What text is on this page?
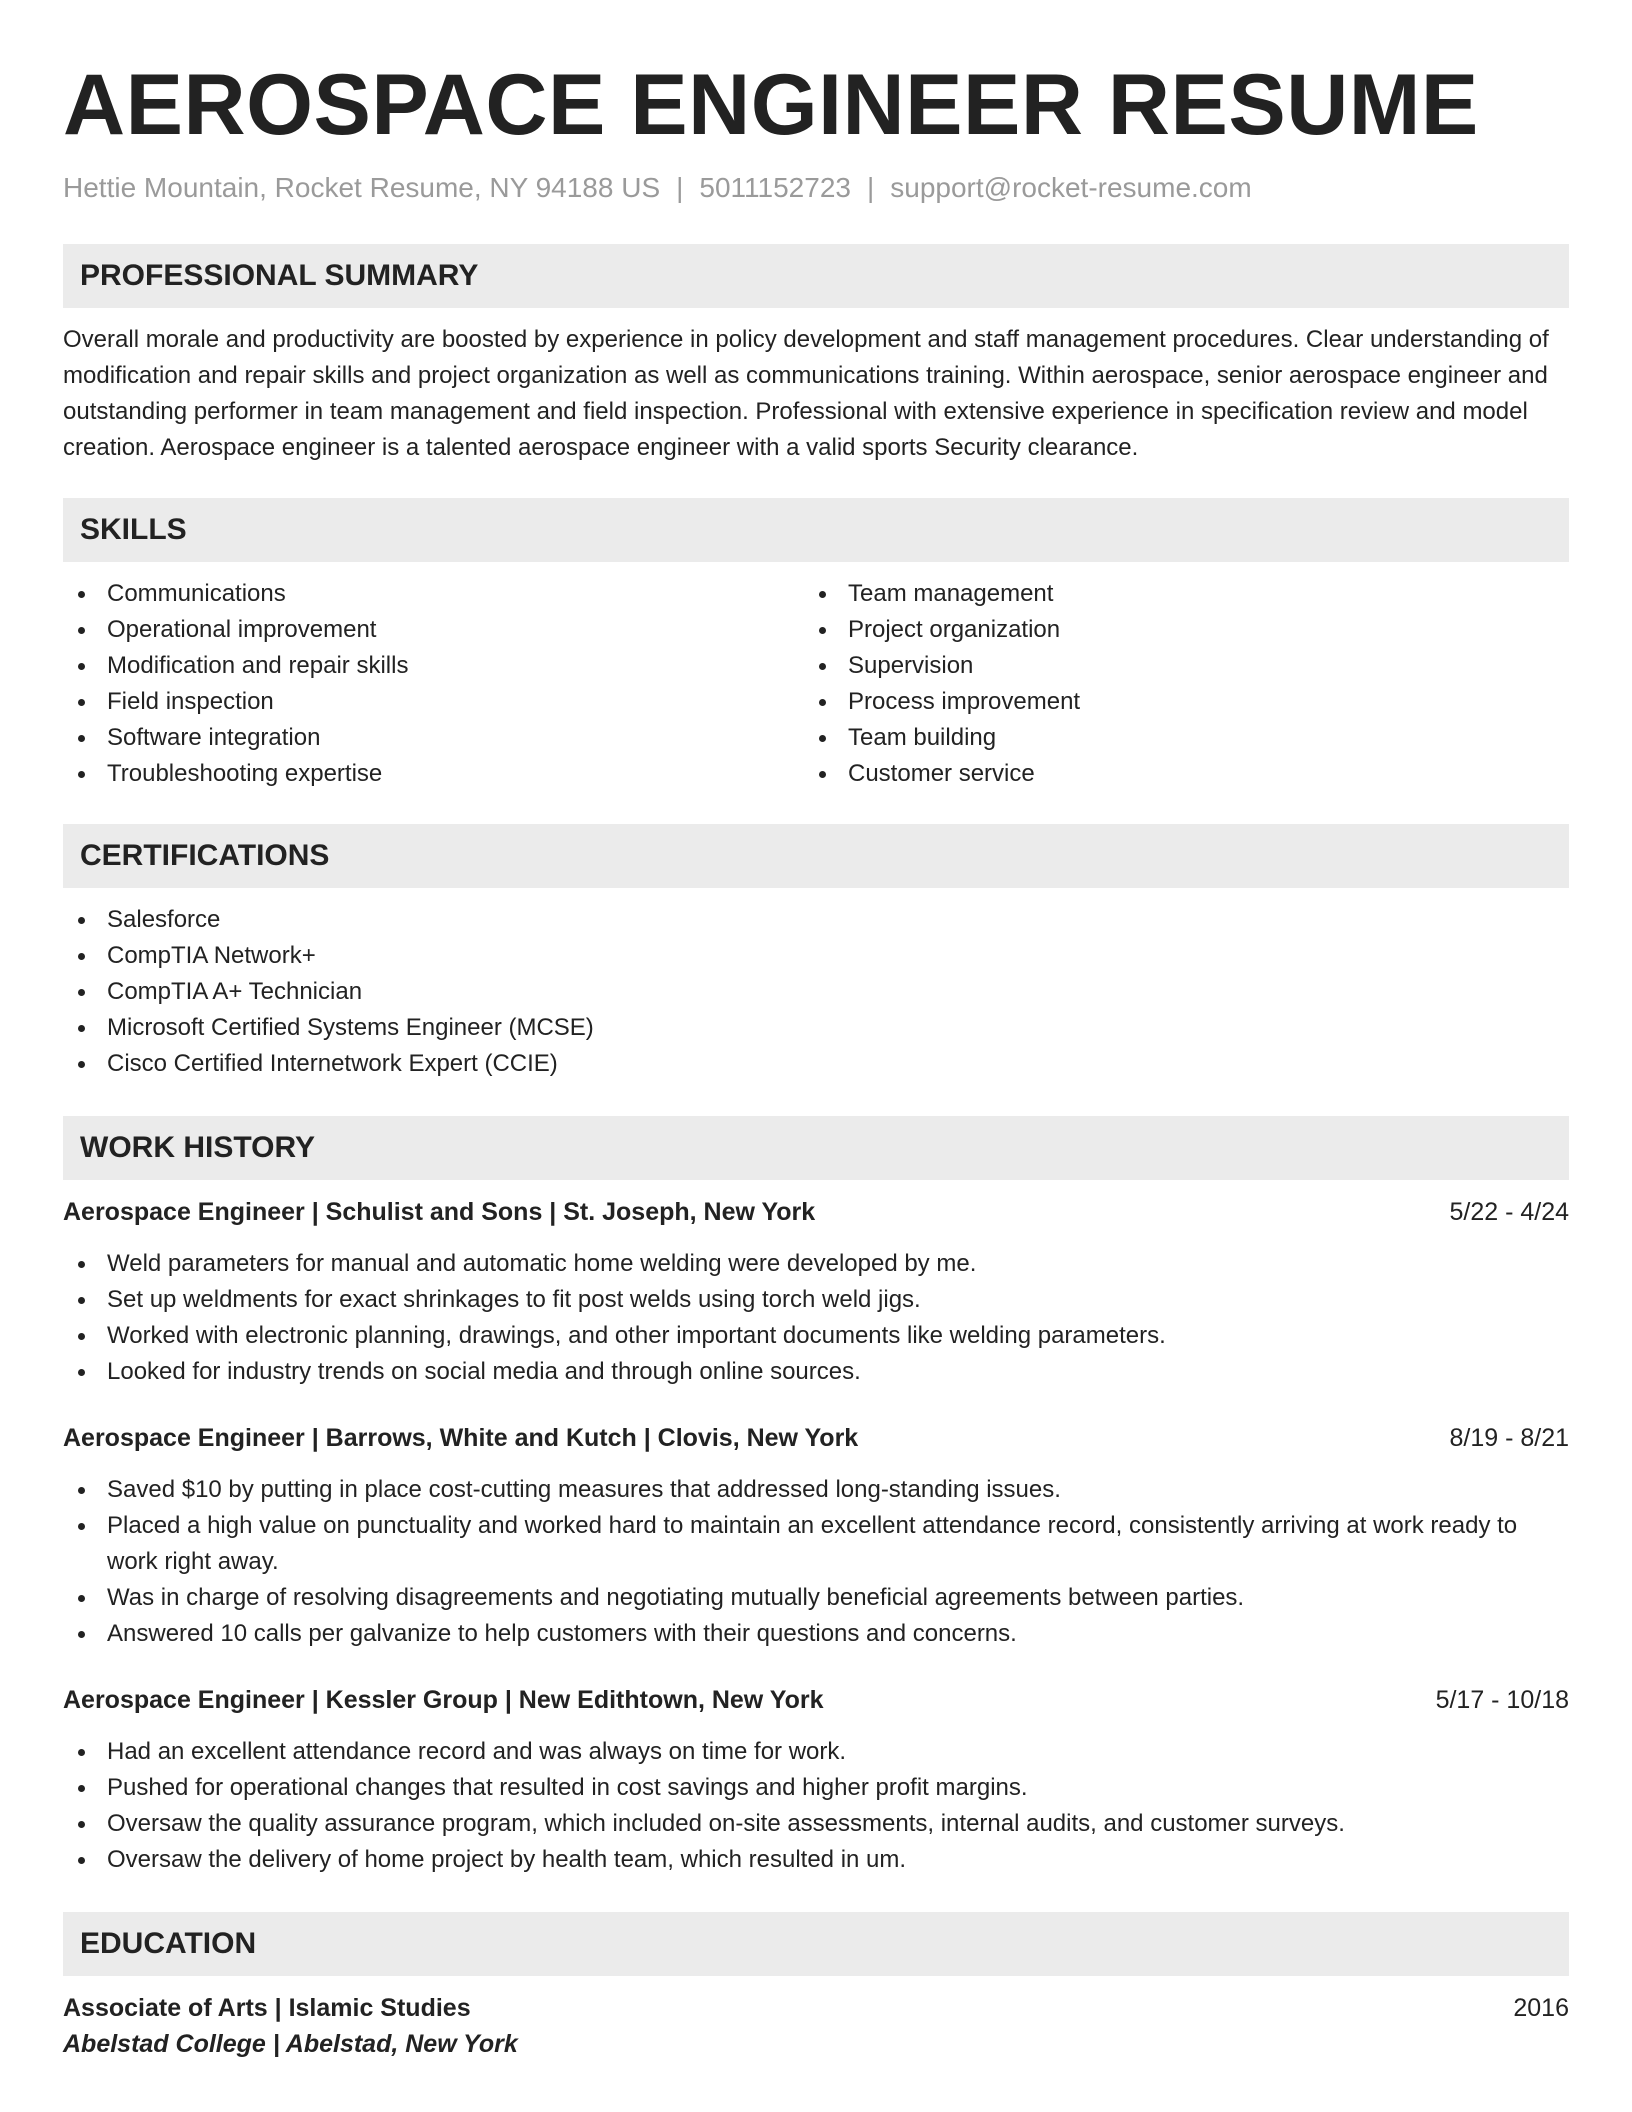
AEROSPACE ENGINEER RESUME
Hettie Mountain, Rocket Resume, NY 94188 US | 5011152723 | support@rocket-resume.com
PROFESSIONAL SUMMARY

Overall morale and productivity are boosted by experience in policy development and staff management procedures. Clear understanding of modification and repair skills and project organization as well as communications training. Within aerospace, senior aerospace engineer and outstanding performer in team management and field inspection. Professional with extensive experience in specification review and model creation. Aerospace engineer is a talented aerospace engineer with a valid sports Security clearance.

SKILLS
Communications
Operational improvement
Modification and repair skills
Field inspection
Software integration
Troubleshooting expertise
Team management
Project organization
Supervision
Process improvement
Team building
Customer service
CERTIFICATIONS
Salesforce
CompTIA Network+
CompTIA A+ Technician
Microsoft Certified Systems Engineer (MCSE)
Cisco Certified Internetwork Expert (CCIE)
WORK HISTORY
Aerospace Engineer | Schulist and Sons | St. Joseph, New York	5/22 - 4/24
Weld parameters for manual and automatic home welding were developed by me.
Set up weldments for exact shrinkages to fit post welds using torch weld jigs.
Worked with electronic planning, drawings, and other important documents like welding parameters.
Looked for industry trends on social media and through online sources.
Aerospace Engineer | Barrows, White and Kutch | Clovis, New York	8/19 - 8/21
Saved $10 by putting in place cost-cutting measures that addressed long-standing issues.
Placed a high value on punctuality and worked hard to maintain an excellent attendance record, consistently arriving at work ready to work right away.
Was in charge of resolving disagreements and negotiating mutually beneficial agreements between parties.
Answered 10 calls per galvanize to help customers with their questions and concerns.
Aerospace Engineer | Kessler Group | New Edithtown, New York	5/17 - 10/18
Had an excellent attendance record and was always on time for work.
Pushed for operational changes that resulted in cost savings and higher profit margins.
Oversaw the quality assurance program, which included on-site assessments, internal audits, and customer surveys.
Oversaw the delivery of home project by health team, which resulted in um.
EDUCATION
Associate of Arts | Islamic Studies	2016
Abelstad College | Abelstad, New York
